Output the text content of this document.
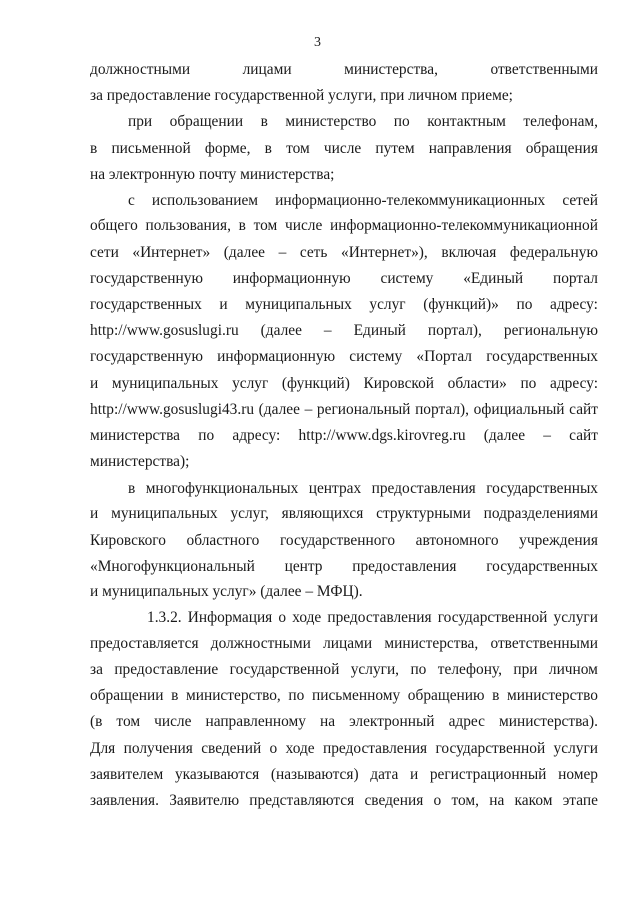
3
должностными	лицами	министерства,	ответственными
за предоставление государственной услуги, при личном приеме;
при обращении в министерство по контактным телефонам,
в письменной форме, в том числе путем направления обращения
на электронную почту министерства;
с использованием информационно-телекоммуникационных сетей
общего пользования, в том числе информационно-телекоммуникационной
сети «Интернет» (далее – сеть «Интернет»), включая федеральную
государственную информационную систему «Единый портал
государственных и муниципальных услуг (функций)» по адресу:
http://www.gosuslugi.ru (далее – Единый портал), региональную
государственную информационную систему «Портал государственных
и муниципальных услуг (функций) Кировской области» по адресу:
http://www.gosuslugi43.ru (далее – региональный портал), официальный сайт
министерства по адресу: http://www.dgs.kirovreg.ru (далее – сайт
министерства);
в многофункциональных центрах предоставления государственных
и муниципальных услуг, являющихся структурными подразделениями
Кировского областного государственного автономного учреждения
«Многофункциональный центр предоставления государственных
и муниципальных услуг» (далее – МФЦ).
1.3.2. Информация о ходе предоставления государственной услуги
предоставляется должностными лицами министерства, ответственными
за предоставление государственной услуги, по телефону, при личном
обращении в министерство, по письменному обращению в министерство
(в том числе направленному на электронный адрес министерства).
Для получения сведений о ходе предоставления государственной услуги
заявителем указываются (называются) дата и регистрационный номер
заявления. Заявителю представляются сведения о том, на каком этапе
